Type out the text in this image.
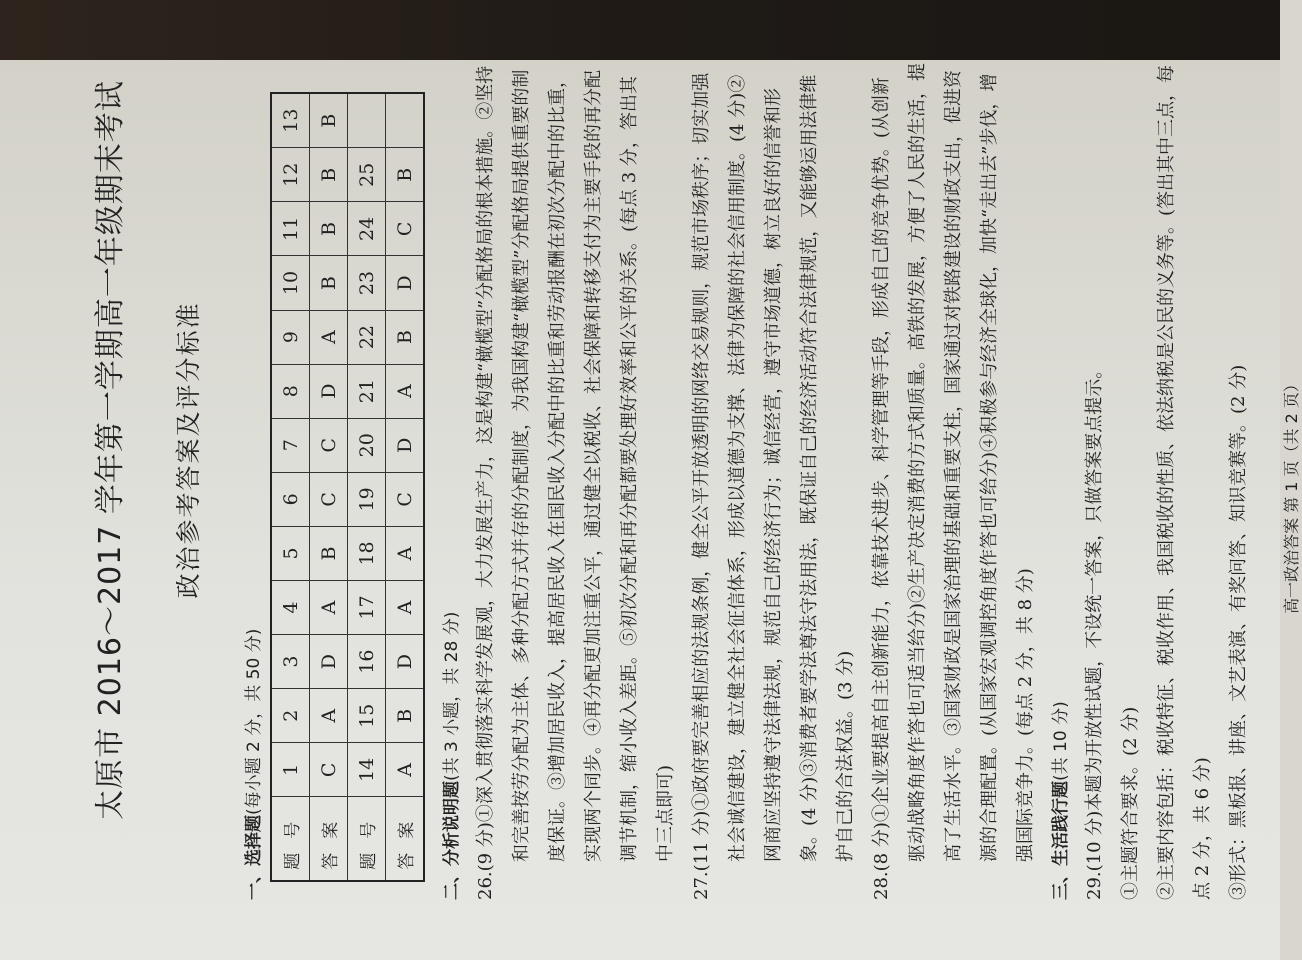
太原市 2016～2017 学年第一学期高一年级期末考试 政治参考答案及评分标准
一、选择题(每小题 2 分，共 50 分)
题号	1	2	3	4	5	6	7	8	9	10	11	12	13
答案	C	A	D	A	B	C	C	D	A	B	B	B	B
题号	14	15	16	17	18	19	20	21	22	23	24	25	
答案	A	B	D	A	A	C	D	A	B	D	C	B	
二、分析说明题(共 3 小题，共 28 分)

26.(9 分)①深入贯彻落实科学发展观，大力发展生产力，这是构建“橄榄型”分配格局的根本措施。②坚持和完善按劳分配为主体、多种分配方式并存的分配制度，为我国构建“橄榄型”分配格局提供重要的制度保证。③增加居民收入，提高居民收入在国民收入分配中的比重和劳动报酬在初次分配中的比重，实现两个同步。④再分配更加注重公平，通过健全以税收、社会保障和转移支付为主要手段的再分配调节机制，缩小收入差距。⑤初次分配和再分配都要处理好效率和公平的关系。(每点 3 分，答出其中三点即可) 27.(11 分)①政府要完善相应的法规条例，健全公平开放透明的网络交易规则，规范市场秩序；切实加强社会诚信建设，建立健全社会征信体系，形成以道德为支撑、法律为保障的社会信用制度。(4 分)②网商应坚持遵守法律法规，规范自己的经济行为；诚信经营，遵守市场道德，树立良好的信誉和形象。(4 分)③消费者要学法尊法守法用法，既保证自己的经济活动符合法律规范，又能够运用法律维护自己的合法权益。(3 分) 28.(8 分)①企业要提高自主创新能力，依靠技术进步、科学管理等手段，形成自己的竞争优势。(从创新驱动战略角度作答也可适当给分)②生产决定消费的方式和质量。高铁的发展，方便了人民的生活，提高了生活水平。③国家财政是国家治理的基础和重要支柱，国家通过对铁路建设的财政支出，促进资源的合理配置。(从国家宏观调控角度作答也可给分)④积极参与经济全球化，加快“走出去”步伐，增强国际竞争力。(每点 2 分，共 8 分) 三、生活践行题(共 10 分)

29.(10 分)本题为开放性试题，不设统一答案，只做答案要点提示。 ①主题符合要求。(2 分) ②主要内容包括：税收特征、税收作用、我国税收的性质、依法纳税是公民的义务等。(答出其中三点，每点 2 分，共 6 分) ③形式：黑板报、讲座、文艺表演、有奖问答、知识竞赛等。(2 分)	高一政治答案 第 1 页（共 2 页）
